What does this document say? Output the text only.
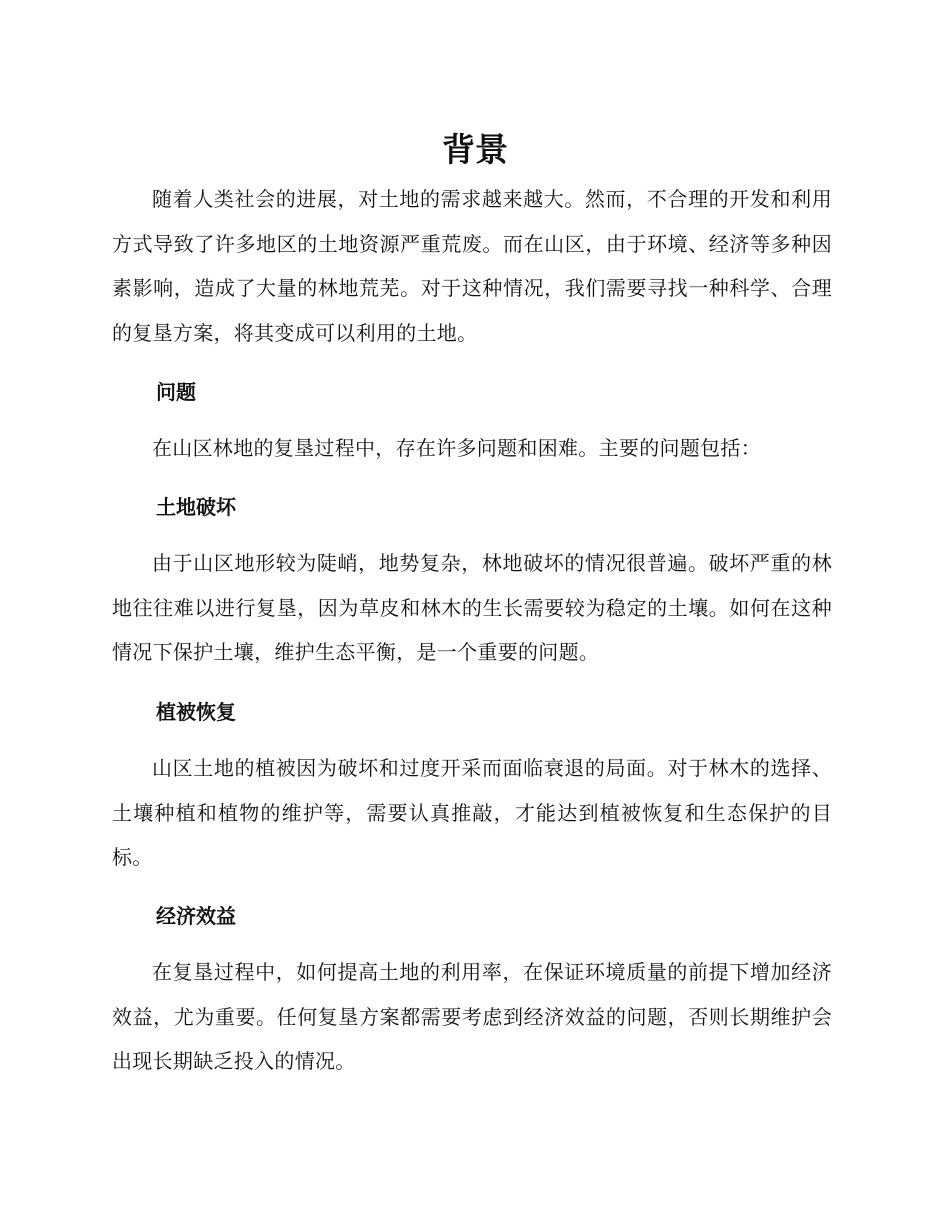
背景

随着人类社会的进展，对土地的需求越来越大。然而，不合理的开发和利用方式导致了许多地区的土地资源严重荒废。而在山区，由于环境、经济等多种因素影响，造成了大量的林地荒芜。对于这种情况，我们需要寻找一种科学、合理的复垦方案，将其变成可以利用的土地。

问题

在山区林地的复垦过程中，存在许多问题和困难。主要的问题包括：

土地破坏

由于山区地形较为陡峭，地势复杂，林地破坏的情况很普遍。破坏严重的林地往往难以进行复垦，因为草皮和林木的生长需要较为稳定的土壤。如何在这种情况下保护土壤，维护生态平衡，是一个重要的问题。

植被恢复

山区土地的植被因为破坏和过度开采而面临衰退的局面。对于林木的选择、土壤种植和植物的维护等，需要认真推敲，才能达到植被恢复和生态保护的目标。

经济效益

在复垦过程中，如何提高土地的利用率，在保证环境质量的前提下增加经济效益，尤为重要。任何复垦方案都需要考虑到经济效益的问题，否则长期维护会出现长期缺乏投入的情况。
